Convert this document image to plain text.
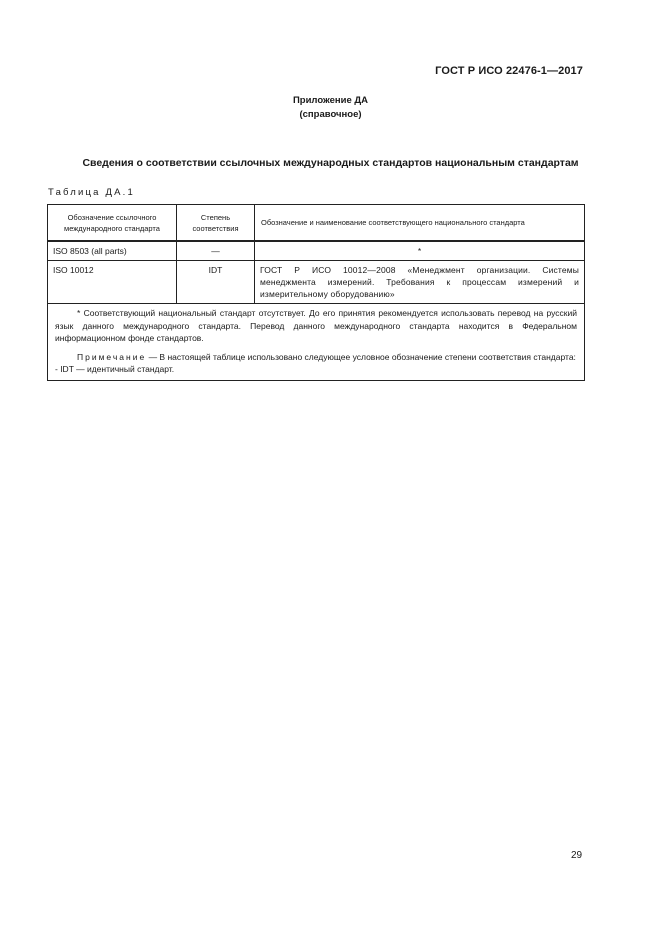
ГОСТ Р ИСО 22476-1—2017
Приложение ДА
(справочное)
Сведения о соответствии ссылочных международных стандартов национальным стандартам
Таблица ДА.1
Обозначение ссылочного международного стандарта	Степень соответствия	Обозначение и наименование соответствующего национального стандарта
ISO 8503 (all parts)	—	*
ISO 10012	IDT	ГОСТ Р ИСО 10012—2008 «Менеджмент организации. Системы менеджмента измерений. Требования к процессам измерений и измерительному оборудованию»

* Соответствующий национальный стандарт отсутствует. До его принятия рекомендуется использовать перевод на русский язык данного международного стандарта. Перевод данного международного стандарта находится в Федеральном информационном фонде стандартов.

Примечание — В настоящей таблице использовано следующее условное обозначение степени соответствия стандарта:

- IDT — идентичный стандарт.		

29
